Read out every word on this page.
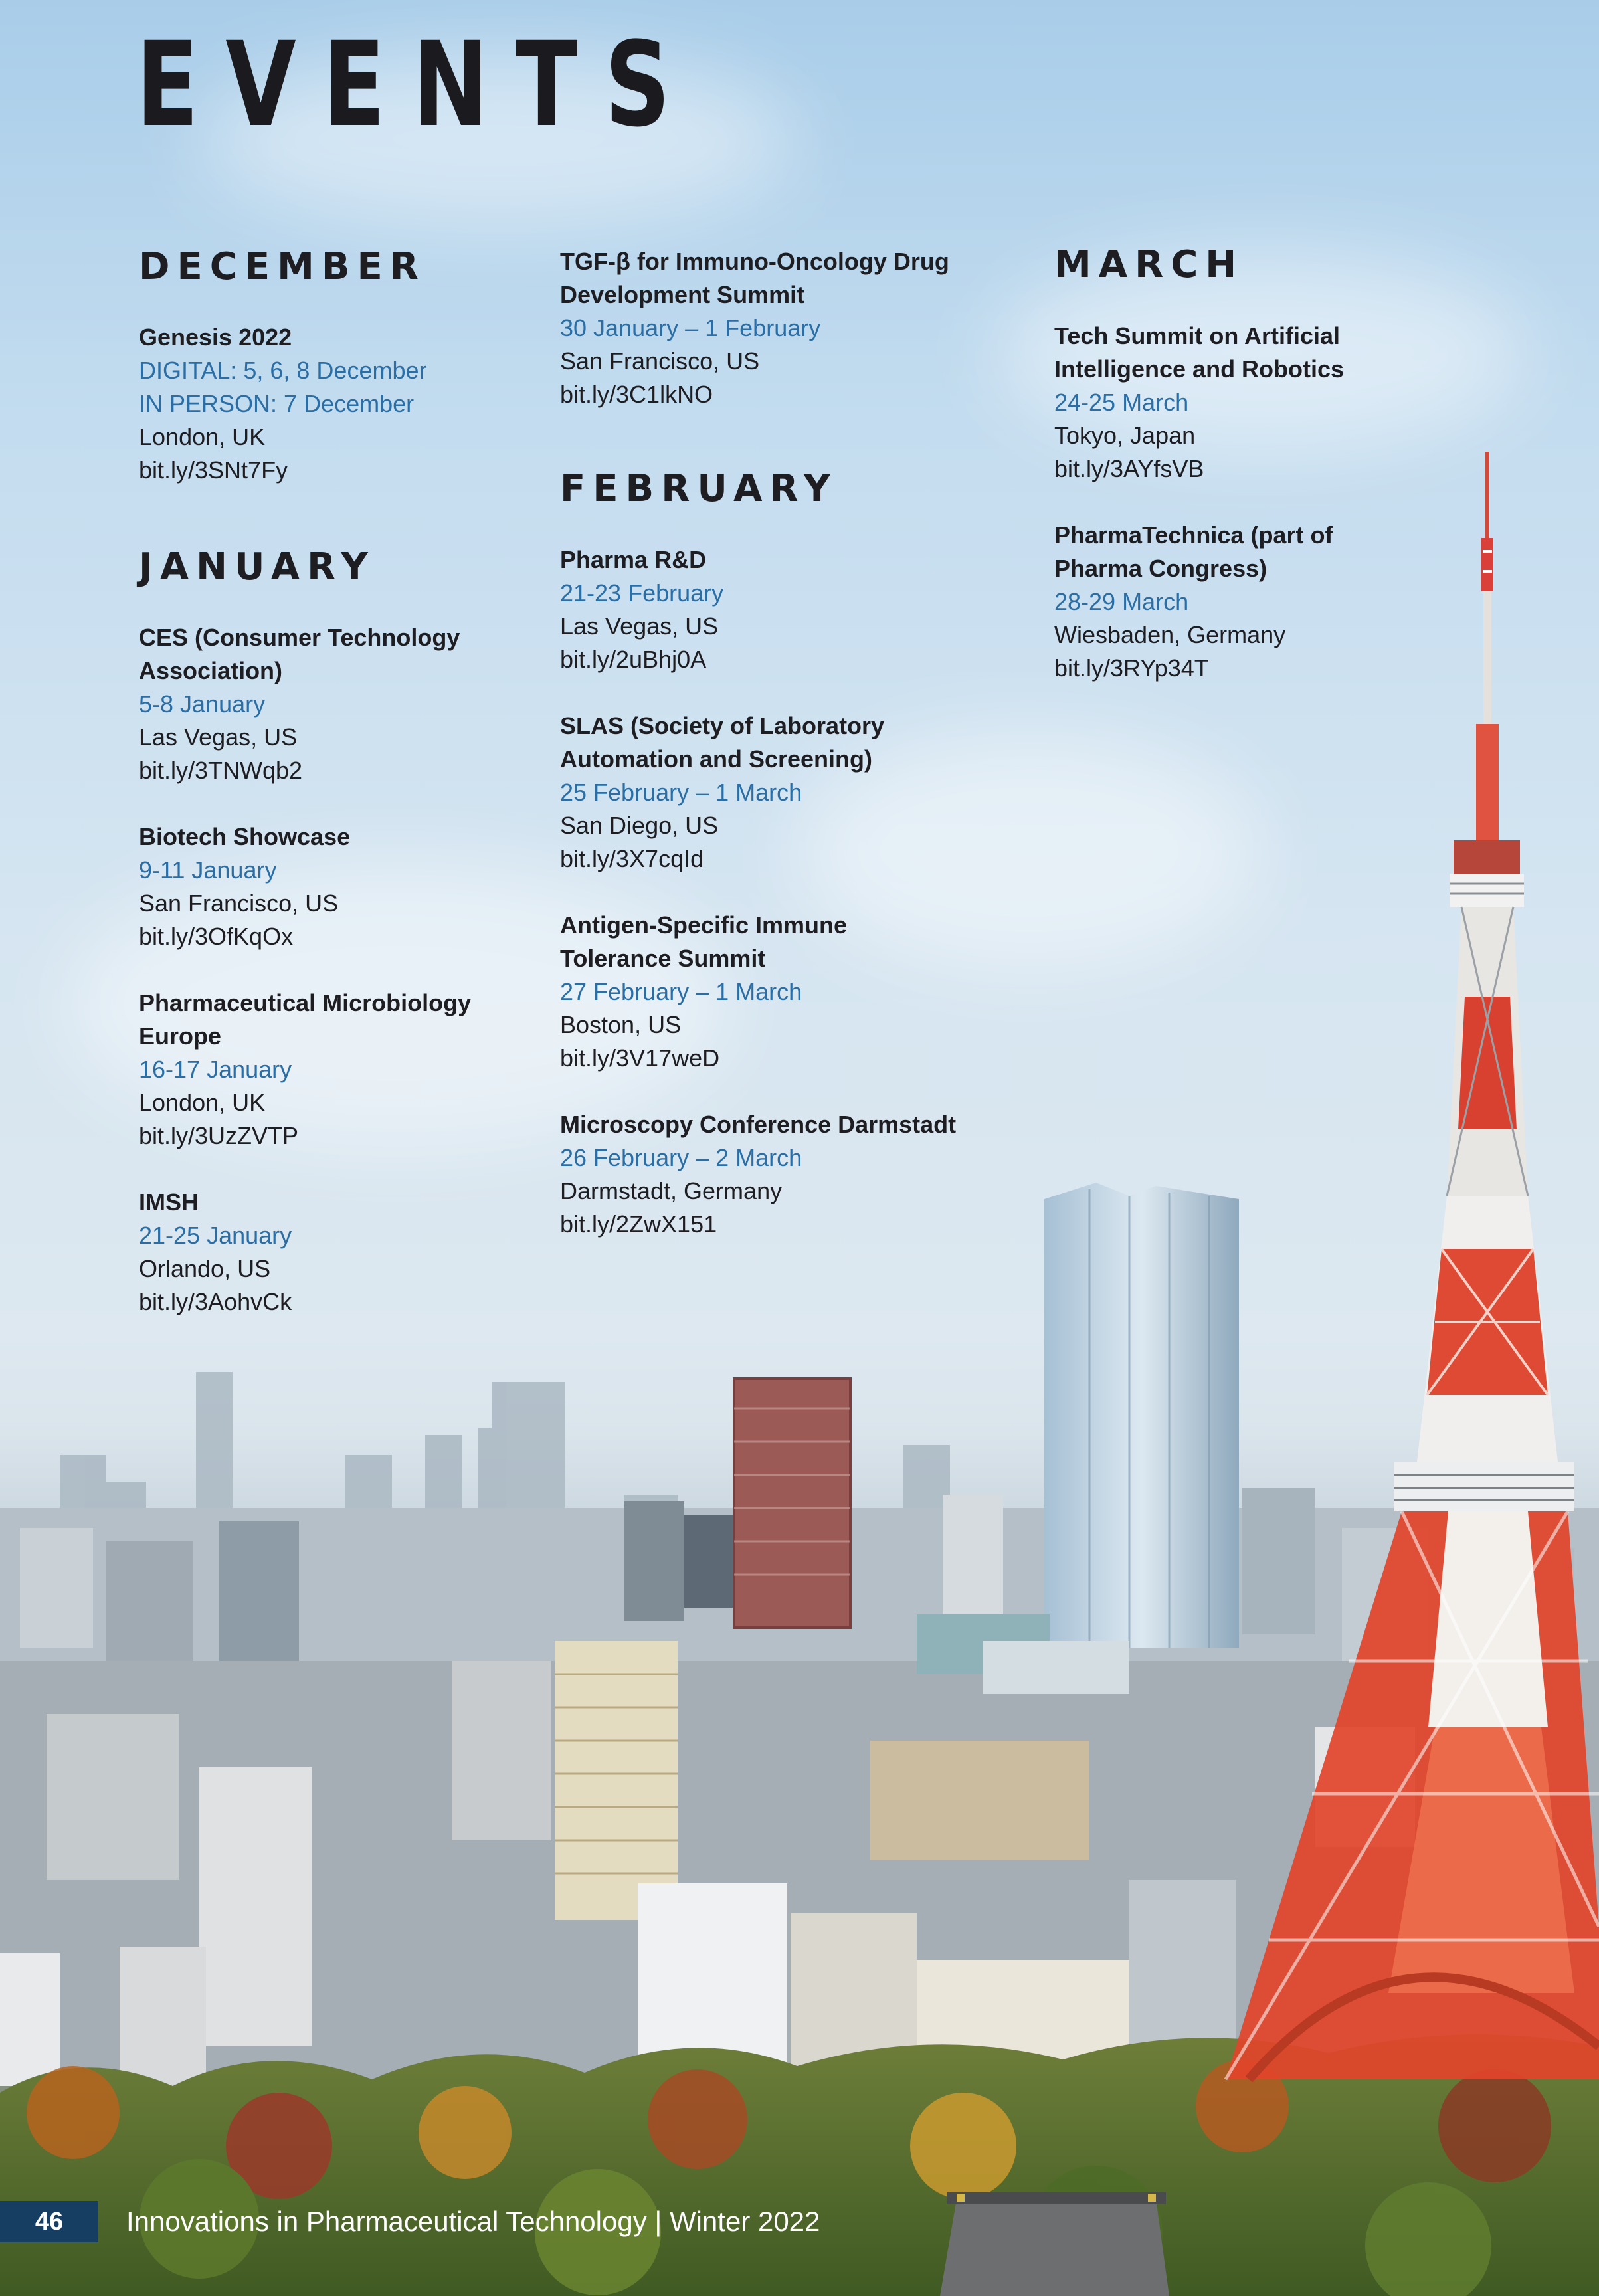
EVENTS
DECEMBER
Genesis 2022
DIGITAL: 5, 6, 8 December
IN PERSON: 7 December
London, UK
bit.ly/3SNt7Fy
JANUARY
CES (Consumer Technology
Association)
5-8 January
Las Vegas, US
bit.ly/3TNWqb2
Biotech Showcase
9-11 January
San Francisco, US
bit.ly/3OfKqOx
Pharmaceutical Microbiology
Europe
16-17 January
London, UK
bit.ly/3UzZVTP
IMSH
21-25 January
Orlando, US
bit.ly/3AohvCk
TGF-β for Immuno-Oncology Drug
Development Summit
30 January – 1 February
San Francisco, US
bit.ly/3C1lkNO
FEBRUARY
Pharma R&D
21-23 February
Las Vegas, US
bit.ly/2uBhj0A
SLAS (Society of Laboratory
Automation and Screening)
25 February – 1 March
San Diego, US
bit.ly/3X7cqId
Antigen-Specific Immune
Tolerance Summit
27 February – 1 March
Boston, US
bit.ly/3V17weD
Microscopy Conference Darmstadt
26 February – 2 March
Darmstadt, Germany
bit.ly/2ZwX151
MARCH
Tech Summit on Artificial
Intelligence and Robotics
24-25 March
Tokyo, Japan
bit.ly/3AYfsVB
PharmaTechnica (part of
Pharma Congress)
28-29 March
Wiesbaden, Germany
bit.ly/3RYp34T
46	Innovations in Pharmaceutical Technology | Winter 2022
